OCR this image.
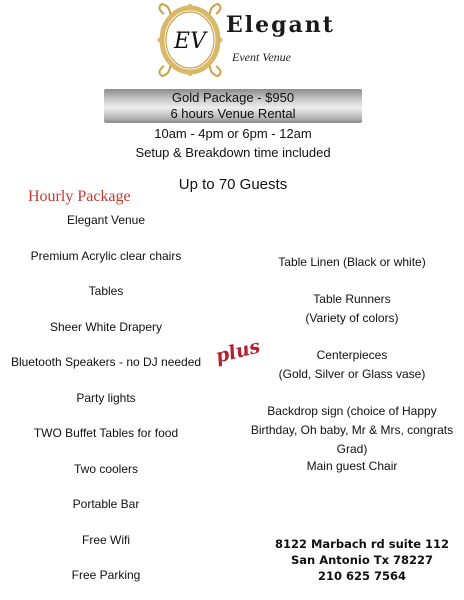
EV
Elegant
Event Venue
Gold Package - $950
6 hours Venue Rental
10am - 4pm or 6pm - 12am
Setup & Breakdown time included
Up to 70 Guests
Hourly Package
Elegant Venue
Premium Acrylic clear chairs
Tables
Sheer White Drapery
Bluetooth Speakers - no DJ needed
Party lights
TWO Buffet Tables for food
Two coolers
Portable Bar
Free Wifi
Free Parking
plus
Table Linen (Black or white)
Table Runners
(Variety of colors)
Centerpieces
(Gold, Silver or Glass vase)
Backdrop sign (choice of Happy
Birthday, Oh baby, Mr & Mrs, congrats Grad)
Main guest Chair
8122 Marbach rd suite 112
San Antonio Tx 78227
210 625 7564
